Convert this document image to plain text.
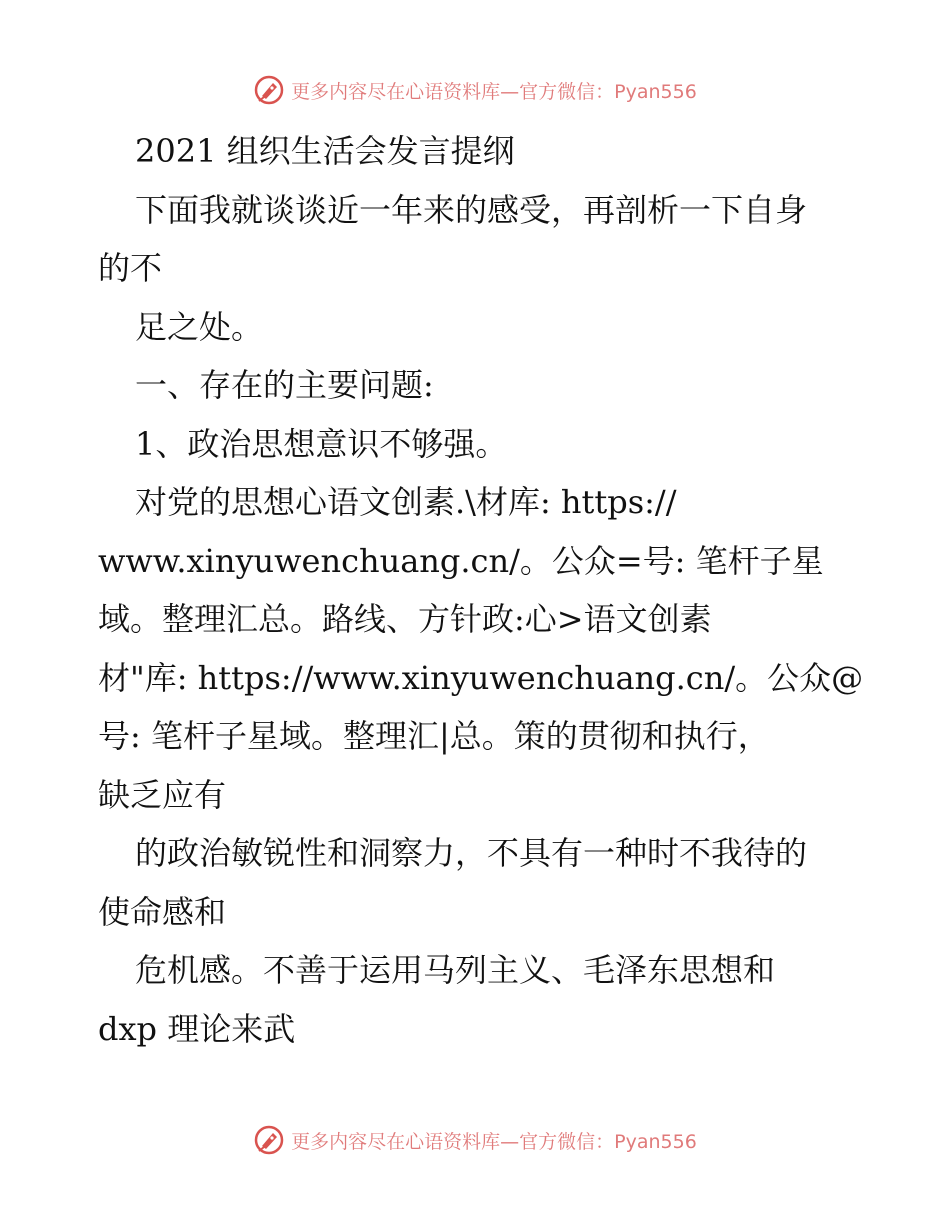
更多内容尽在心语资料库—官方微信：Pyan556
2021 组织生活会发言提纲
下面我就谈谈近一年来的感受，再剖析一下自身
的不
足之处。
一、存在的主要问题:
1、政治思想意识不够强。
对党的思想心语文创素.\材库: https://
www.xinyuwenchuang.cn/。公众=号: 笔杆子星
域。整理汇总。路线、方针政:心>语文创素
材"库: https://www.xinyuwenchuang.cn/。公众@
号: 笔杆子星域。整理汇|总。策的贯彻和执行，
缺乏应有
的政治敏锐性和洞察力，不具有一种时不我待的
使命感和
危机感。不善于运用马列主义、毛泽东思想和
dxp 理论来武
更多内容尽在心语资料库—官方微信：Pyan556
